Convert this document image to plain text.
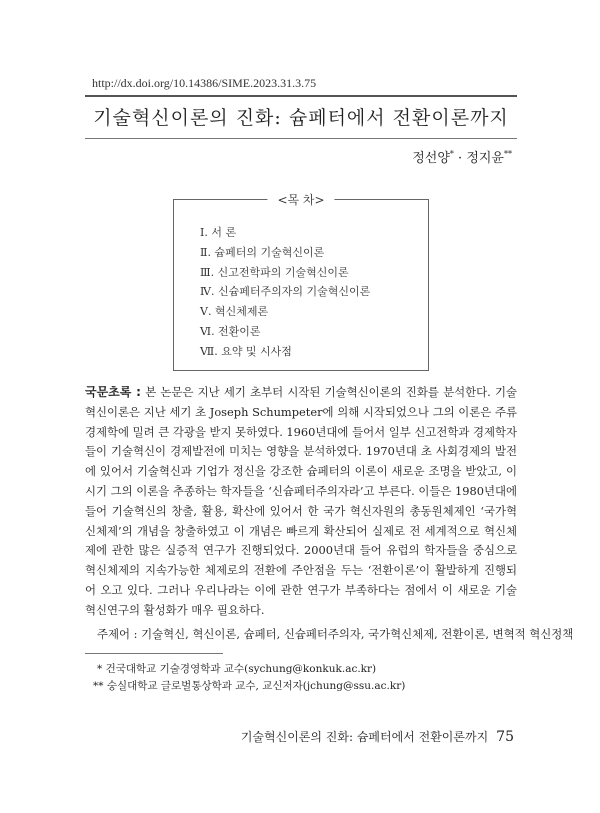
http://dx.doi.org/10.14386/SIME.2023.31.3.75
기술혁신이론의 진화: 슘페터에서 전환이론까지
정선양* · 정지윤**
<목 차>
Ⅰ. 서 론
Ⅱ. 슘페터의 기술혁신이론
Ⅲ. 신고전학파의 기술혁신이론
Ⅳ. 신슘페터주의자의 기술혁신이론
Ⅴ. 혁신체제론
Ⅵ. 전환이론
Ⅶ. 요약 및 시사점

국문초록 : 본 논문은 지난 세기 초부터 시작된 기술혁신이론의 진화를 분석한다. 기술혁신이론은 지난 세기 초 Joseph Schumpeter에 의해 시작되었으나 그의 이론은 주류경제학에 밀려 큰 각광을 받지 못하였다. 1960년대에 들어서 일부 신고전학과 경제학자들이 기술혁신이 경제발전에 미치는 영향을 분석하였다. 1970년대 초 사회경제의 발전에 있어서 기술혁신과 기업가 정신을 강조한 슘페터의 이론이 새로운 조명을 받았고, 이 시기 그의 이론을 추종하는 학자들을 ‘신슘페터주의자라’고 부른다. 이들은 1980년대에 들어 기술혁신의 창출, 활용, 확산에 있어서 한 국가 혁신자원의 총동원체제인 ‘국가혁신체제’의 개념을 창출하였고 이 개념은 빠르게 확산되어 실제로 전 세계적으로 혁신체제에 관한 많은 실증적 연구가 진행되었다. 2000년대 들어 유럽의 학자들을 중심으로 혁신체제의 지속가능한 체제로의 전환에 주안점을 두는 ‘전환이론’이 활발하게 진행되어 오고 있다. 그러나 우리나라는 이에 관한 연구가 부족하다는 점에서 이 새로운 기술혁신연구의 활성화가 매우 필요하다.

주제어 : 기술혁신, 혁신이론, 슘페터, 신슘페터주의자, 국가혁신체제, 전환이론, 변혁적 혁신정책
* 건국대학교 기술경영학과 교수(sychung@konkuk.ac.kr)
** 숭실대학교 글로벌통상학과 교수, 교신저자(jchung@ssu.ac.kr)
기술혁신이론의 진화: 슘페터에서 전환이론까지 75
